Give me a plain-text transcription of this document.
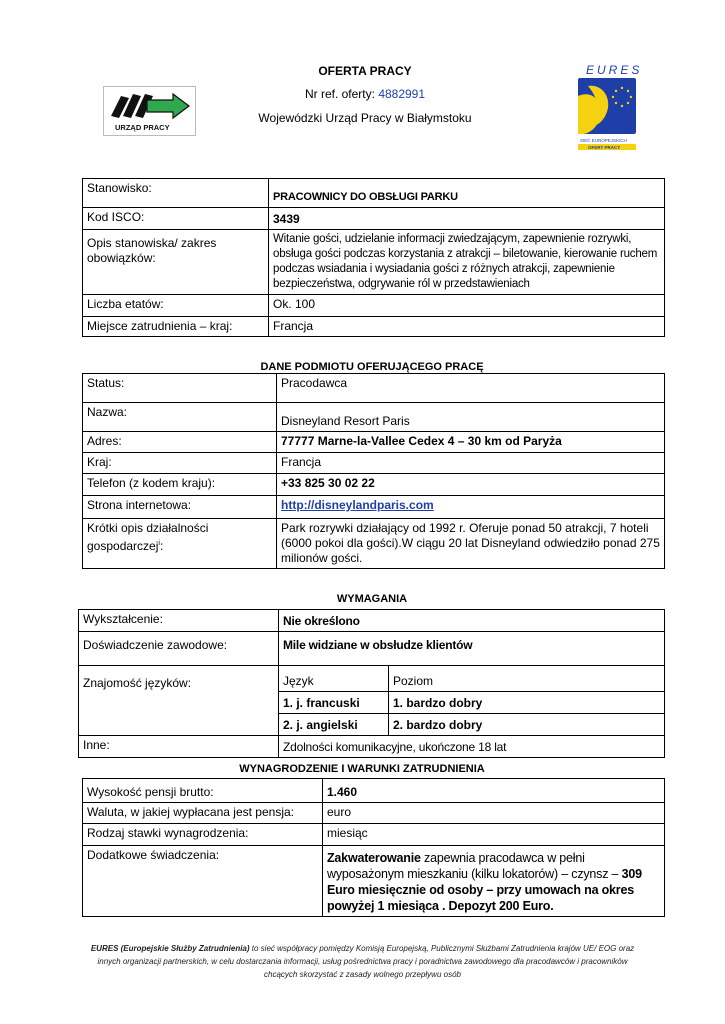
OFERTA PRACY
Nr ref. oferty: 4882991
Wojewódzki Urząd Pracy w Białymstoku
URZĄD PRACY
EURES
SIEĆ EUROPEJSKICH
OFERT PRACY
Stanowisko:	PRACOWNICY DO OBSŁUGI PARKU
Kod ISCO:	3439
Opis stanowiska/ zakres obowiązków:	Witanie gości, udzielanie informacji zwiedzającym, zapewnienie rozrywki, obsługa gości podczas korzystania z atrakcji – biletowanie, kierowanie ruchem podczas wsiadania i wysiadania gości z różnych atrakcji, zapewnienie bezpieczeństwa, odgrywanie ról w przedstawieniach
Liczba etatów:	Ok. 100
Miejsce zatrudnienia – kraj:	Francja
DANE PODMIOTU OFERUJĄCEGO PRACĘ
Status:	Pracodawca
Nazwa:	Disneyland Resort Paris
Adres:	77777 Marne-la-Vallee Cedex 4 – 30 km od Paryża
Kraj:	Francja
Telefon (z kodem kraju):	+33 825 30 02 22
Strona internetowa:	http://disneylandparis.com
Krótki opis działalności gospodarczej$^i$:	Park rozrywki działający od 1992 r. Oferuje ponad 50 atrakcji, 7 hoteli (6000 pokoi dla gości).W ciągu 20 lat Disneyland odwiedziło ponad 275 milionów gości.
WYMAGANIA
Wykształcenie:	Nie określono	
Doświadczenie zawodowe:	Mile widziane w obsłudze klientów	
Znajomość języków:	Język	Poziom
	1. j. francuski	1. bardzo dobry
	2. j. angielski	2. bardzo dobry
Inne:	Zdolności komunikacyjne, ukończone 18 lat	
WYNAGRODZENIE I WARUNKI ZATRUDNIENIA
Wysokość pensji brutto:	1.460
Waluta, w jakiej wypłacana jest pensja:	euro
Rodzaj stawki wynagrodzenia:	miesiąc
Dodatkowe świadczenia:	Zakwaterowanie zapewnia pracodawca w pełni wyposażonym mieszkaniu (kilku lokatorów) – czynsz – 309 Euro miesięcznie od osoby – przy umowach na okres powyżej 1 miesiąca . Depozyt 200 Euro.
EURES (Europejskie Służby Zatrudnienia) to sieć współpracy pomiędzy Komisją Europejską, Publicznymi Służbami Zatrudnienia krajów UE/ EOG oraz innych organizacji partnerskich, w celu dostarczania informacji, usług pośrednictwa pracy i poradnictwa zawodowego dla pracodawców i pracowników chcących skorzystać z zasady wolnego przepływu osób
